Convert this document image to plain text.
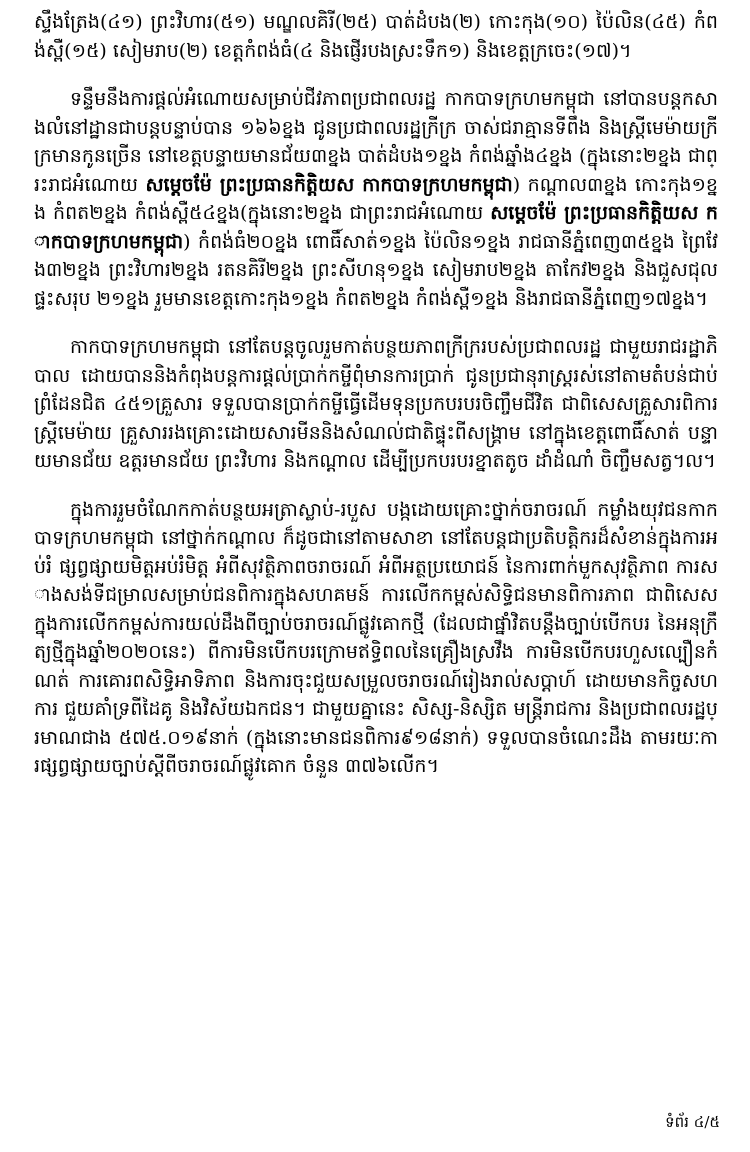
ស្ទឹងត្រែង(៤១) ព្រះវិហារ(៥១) មណ្ឌលគិរី(២៥) បាត់ដំបង(២) កោះកុង(១០) ប៉ៃលិន(៤៥) កំពង់ស្ពឺ(១៥) សៀមរាប(២) ខេត្តកំពង់ធំ(៤ និងផ្ញើរបងស្រះទឹក១) និងខេត្តក្រចេះ(១៧)។

ទន្ទឹមនឹងការផ្ដល់អំណោយសម្រាប់ជីវភាពប្រជាពលរដ្ឋ កាកបាទក្រហមកម្ពុជា នៅបានបន្តកសាងលំនៅដ្ឋានជាបន្តបន្ទាប់បាន ១៦៦ខ្នង ជូនប្រជាពលរដ្ឋក្រីក្រ ចាស់ជរាគ្មានទីពឹង និងស្ត្រីមេម៉ាយក្រីក្រមានកូនច្រើន នៅខេត្តបន្ទាយមានជ័យ៣ខ្នង បាត់ដំបង១ខ្នង កំពង់ឆ្នាំង៤ខ្នង (ក្នុងនោះ២ខ្នង ជាព្រះរាជអំណោយ សម្ដេចម៉ែ ព្រះប្រធានកិត្តិយស កាកបាទក្រហមកម្ពុជា) កណ្ដាល៣ខ្នង កោះកុង១ខ្នង កំពត២ខ្នង កំពង់ស្ពឺ៥៤ខ្នង(ក្នុងនោះ២ខ្នង ជាព្រះរាជអំណោយ សម្ដេចម៉ែ ព្រះប្រធានកិត្តិយស កាកបាទក្រហមកម្ពុជា) កំពង់ធំ២០ខ្នង ពោធិ៍សាត់១ខ្នង ប៉ៃលិន១ខ្នង រាជធានីភ្នំពេញ៣៥ខ្នង ព្រៃវែង៣២ខ្នង ព្រះវិហារ២ខ្នង រតនគិរី២ខ្នង ព្រះសីហនុ១ខ្នង សៀមរាប២ខ្នង តាកែវ២ខ្នង និងជួសជុលផ្ទះសរុប ២១ខ្នង រួមមានខេត្តកោះកុង១ខ្នង កំពត២ខ្នង កំពង់ស្ពឺ១ខ្នង និងរាជធានីភ្នំពេញ១៧ខ្នង។

កាកបាទក្រហមកម្ពុជា នៅតែបន្តចូលរួមកាត់បន្ថយភាពក្រីក្ររបស់ប្រជាពលរដ្ឋ ជាមួយរាជរដ្ឋាភិបាល ដោយបាននិងកំពុងបន្តការផ្ដល់ប្រាក់កម្ចីពុំមានការប្រាក់ ជូនប្រជានុរាស្ត្ររស់នៅតាមតំបន់ជាប់ព្រំដែនជិត ៤៥១គ្រួសារ ទទួលបានប្រាក់កម្ចីធ្វើដើមទុនប្រកបរបរចិញ្ចឹមជីវិត ជាពិសេសគ្រួសារពិការ ស្ត្រីមេម៉ាយ គ្រួសាររងគ្រោះដោយសារមីននិងសំណល់ជាតិផ្ទុះពីសង្គ្រាម នៅក្នុងខេត្តពោធិ៍សាត់ បន្ទាយមានជ័យ ឧត្តរមានជ័យ ព្រះវិហារ និងកណ្ដាល ដើម្បីប្រកបរបរខ្នាតតូច ដាំដំណាំ ចិញ្ចឹមសត្វ។ល។

ក្នុងការរួមចំណែកកាត់បន្ថយអត្រាស្លាប់-របួស បង្កដោយគ្រោះថ្នាក់ចរាចរណ៍ កម្លាំងយុវជនកាកបាទក្រហមកម្ពុជា នៅថ្នាក់កណ្ដាល ក៏ដូចជានៅតាមសាខា នៅតែបន្តជាប្រតិបត្តិករដ៏សំខាន់ក្នុងការអប់រំ ផ្សព្វផ្សាយមិត្តអប់រំមិត្ត អំពីសុវត្ថិភាពចរាចរណ៍ អំពីអត្ថប្រយោជន៍ នៃការពាក់មួកសុវត្ថិភាព ការសាងសង់ទីជម្រាលសម្រាប់ជនពិការក្នុងសហគមន៍ ការលើកកម្ពស់សិទ្ធិជនមានពិការភាព ជាពិសេស ក្នុងការលើកកម្ពស់ការយល់ដឹងពីច្បាប់ចរាចរណ៍ផ្លូវគោកថ្មី (ដែលជាផ្នាំវិតបន្តឹងច្បាប់បើកបរ នៃអនុក្រឹត្យថ្មីក្នុងឆ្នាំ២០២០នេះ) ពីការមិនបើកបរក្រោមឥទ្ធិពលនៃគ្រឿងស្រវឹង ការមិនបើកបរហួសល្បឿនកំណត់ ការគោរពសិទ្ធិអាទិភាព និងការចុះជួយសម្រួលចរាចរណ៍រៀងរាល់សប្ដាហ៍ ដោយមានកិច្ចសហការ ជួយគាំទ្រពីដៃគូ និងវិស័យឯកជន។ ជាមួយគ្នានេះ សិស្ស-និស្សិត មន្ត្រីរាជការ និងប្រជាពលរដ្ឋប្រមាណជាង ៥៧៥.០១៩នាក់ (ក្នុងនោះមានជនពិការ៩១៨នាក់) ទទួលបានចំណេះដឹង តាមរយៈការផ្សព្វផ្សាយច្បាប់ស្ដីពីចរាចរណ៍ផ្លូវគោក ចំនួន ៣៧៦លើក។

ទំព័រ ៤/៥
